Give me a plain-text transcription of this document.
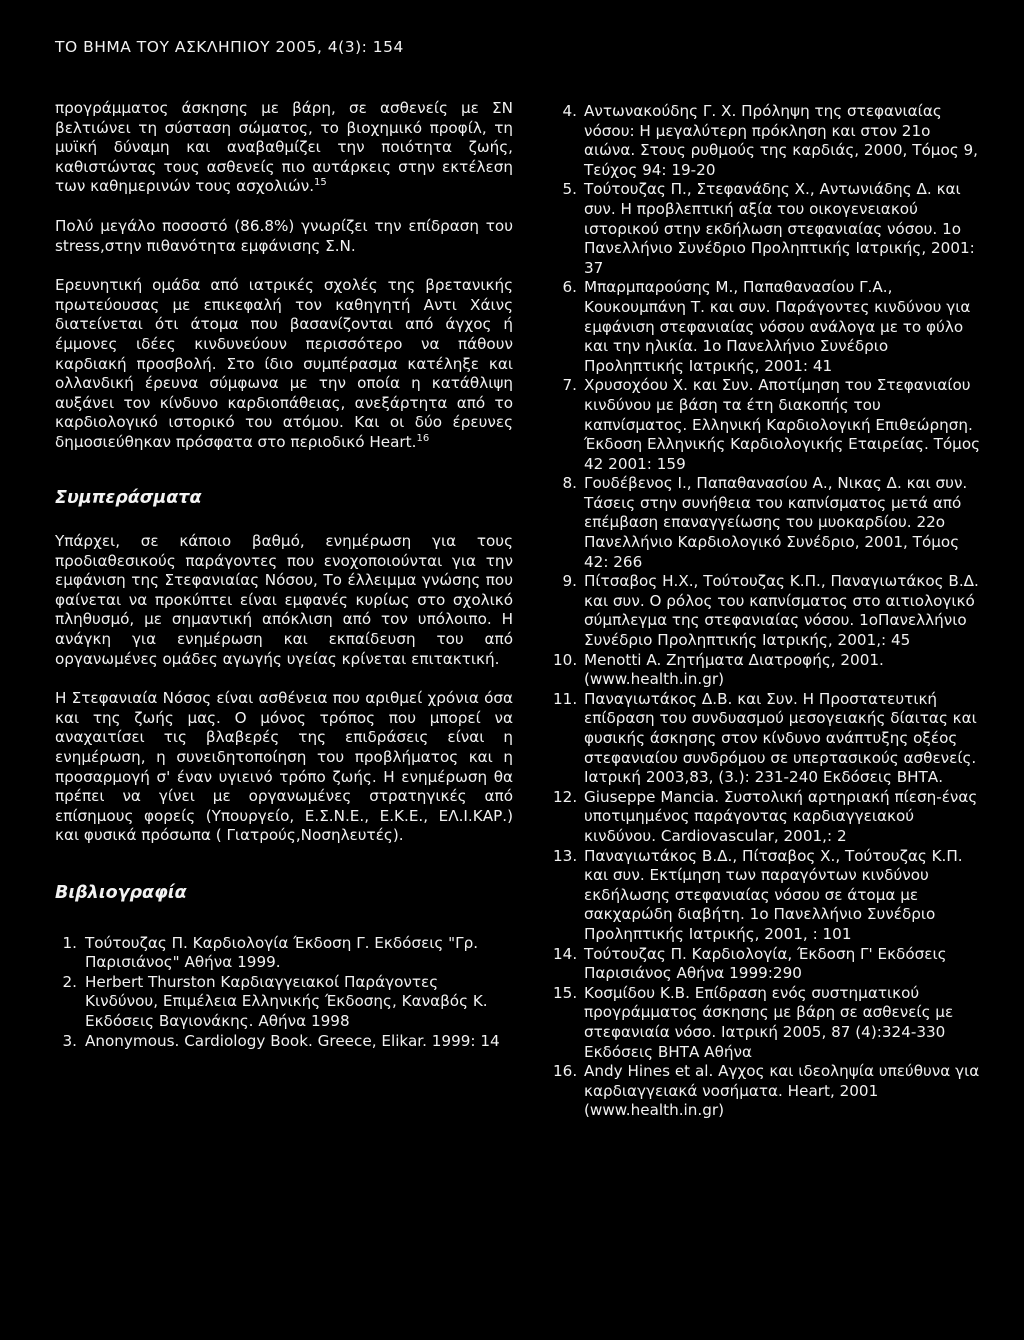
ΤΟ ΒΗΜΑ ΤΟΥ ΑΣΚΛΗΠΙΟΥ 2005, 4(3): 154

προγράμματος άσκησης με βάρη, σε ασθενείς με ΣΝ βελτιώνει τη σύσταση σώματος, το βιοχημικό προφίλ, τη μυϊκή δύναμη και αναβαθμίζει την ποιότητα ζωής, καθιστώντας τους ασθενείς πιο αυτάρκεις στην εκτέλεση των καθημερινών τους ασχολιών.$^{15}$

Πολύ μεγάλο ποσοστό (86.8%) γνωρίζει την επίδραση του stress,στην πιθανότητα εμφάνισης Σ.Ν.

Ερευνητική ομάδα από ιατρικές σχολές της βρετανικής πρωτεύουσας με επικεφαλή τον καθηγητή Αντι Χάινς διατείνεται ότι άτομα που βασανίζονται από άγχος ή έμμονες ιδέες κινδυνεύουν περισσότερο να πάθουν καρδιακή προσβολή. Στο ίδιο συμπέρασμα κατέληξε και ολλανδική έρευνα σύμφωνα με την οποία η κατάθλιψη αυξάνει τον κίνδυνο καρδιοπάθειας, ανεξάρτητα από το καρδιολογικό ιστορικό του ατόμου. Και οι δύο έρευνες δημοσιεύθηκαν πρόσφατα στο περιοδικό Heart.$^{16}$

Συμπεράσματα

Υπάρχει, σε κάποιο βαθμό, ενημέρωση για τους προδιαθεσικούς παράγοντες που ενοχοποιούνται για την εμφάνιση της Στεφανιαίας Νόσου, Το έλλειμμα γνώσης που φαίνεται να προκύπτει είναι εμφανές κυρίως στο σχολικό πληθυσμό, με σημαντική απόκλιση από τον υπόλοιπο. Η ανάγκη για ενημέρωση και εκπαίδευση του από οργανωμένες ομάδες αγωγής υγείας κρίνεται επιτακτική.

Η Στεφανιαία Νόσος είναι ασθένεια που αριθμεί χρόνια όσα και της ζωής μας. Ο μόνος τρόπος που μπορεί να αναχαιτίσει τις βλαβερές της επιδράσεις είναι η ενημέρωση, η συνειδητοποίηση του προβλήματος και η προσαρμογή σ' έναν υγιεινό τρόπο ζωής. Η ενημέρωση θα πρέπει να γίνει με οργανωμένες στρατηγικές από επίσημους φορείς (Υπουργείο, Ε.Σ.Ν.Ε., Ε.Κ.Ε., ΕΛ.Ι.ΚΑΡ.) και φυσικά πρόσωπα ( Γιατρούς,Νοσηλευτές).

Βιβλιογραφία

1. Τούτουζας Π. Καρδιολογία Έκδοση Γ. Εκδόσεις "Γρ. Παρισιάνος" Αθήνα 1999.
2. Herbert Thurston Καρδιαγγειακοί Παράγοντες Κινδύνου, Επιμέλεια Ελληνικής Έκδοσης, Καναβός Κ. Εκδόσεις Βαγιονάκης. Αθήνα 1998
3. Anonymous. Cardiology Book. Greece, Elikar. 1999: 14
4. Αντωνακούδης Γ. Χ. Πρόληψη της στεφανιαίας νόσου: Η μεγαλύτερη πρόκληση και στον 21ο αιώνα. Στους ρυθμούς της καρδιάς, 2000, Τόμος 9, Τεύχος 94: 19-20
5. Τούτουζας Π., Στεφανάδης Χ., Αντωνιάδης Δ. και συν. Η προβλεπτική αξία του οικογενειακού ιστορικού στην εκδήλωση στεφανιαίας νόσου. 1ο Πανελλήνιο Συνέδριο Προληπτικής Ιατρικής, 2001: 37
6. Μπαρμπαρούσης Μ., Παπαθανασίου Γ.Α., Κουκουμπάνη Τ. και συν. Παράγοντες κινδύνου για εμφάνιση στεφανιαίας νόσου ανάλογα με το φύλο και την ηλικία. 1ο Πανελλήνιο Συνέδριο Προληπτικής Ιατρικής, 2001: 41
7. Χρυσοχόου Χ. και Συν. Αποτίμηση του Στεφανιαίου κινδύνου με βάση τα έτη διακοπής του καπνίσματος. Ελληνική Καρδιολογική Επιθεώρηση. Έκδοση Ελληνικής Καρδιολογικής Εταιρείας. Τόμος 42 2001: 159
8. Γουδέβενος Ι., Παπαθανασίου Α., Νικας Δ. και συν. Τάσεις στην συνήθεια του καπνίσματος μετά από επέμβαση επαναγγείωσης του μυοκαρδίου. 22ο Πανελλήνιο Καρδιολογικό Συνέδριο, 2001, Τόμος 42: 266
9. Πίτσαβος Η.Χ., Τούτουζας Κ.Π., Παναγιωτάκος Β.Δ. και συν. Ο ρόλος του καπνίσματος στο αιτιολογικό σύμπλεγμα της στεφανιαίας νόσου. 1οΠανελλήνιο Συνέδριο Προληπτικής Ιατρικής, 2001,: 45
10. Menotti A. Ζητήματα Διατροφής, 2001.(www.health.in.gr)
11. Παναγιωτάκος Δ.Β. και Συν. Η Προστατευτική επίδραση του συνδυασμού μεσογειακής δίαιτας και φυσικής άσκησης στον κίνδυνο ανάπτυξης οξέος στεφανιαίου συνδρόμου σε υπερτασικούς ασθενείς. Ιατρική 2003,83, (3.): 231-240 Εκδόσεις ΒΗΤΑ.
12. Giuseppe Mancia. Συστολική αρτηριακή πίεση-ένας υποτιμημένος παράγοντας καρδιαγγειακού κινδύνου. Cardiovascular, 2001,: 2
13. Παναγιωτάκος Β.Δ., Πίτσαβος Χ., Τούτουζας Κ.Π. και συν. Εκτίμηση των παραγόντων κινδύνου εκδήλωσης στεφανιαίας νόσου σε άτομα με σακχαρώδη διαβήτη. 1ο Πανελλήνιο Συνέδριο Προληπτικής Ιατρικής, 2001, : 101
14. Τούτουζας Π. Καρδιολογία, Έκδοση Γ' Εκδόσεις Παρισιάνος Αθήνα 1999:290
15. Κοσμίδου Κ.Β. Επίδραση ενός συστηματικού προγράμματος άσκησης με βάρη σε ασθενείς με στεφανιαία νόσο. Ιατρική 2005, 87 (4):324-330 Εκδόσεις ΒΗΤΑ Αθήνα
16. Andy Hines et al. Αγχος και ιδεοληψία υπεύθυνα για καρδιαγγειακά νοσήματα. Heart, 2001 (www.health.in.gr)
